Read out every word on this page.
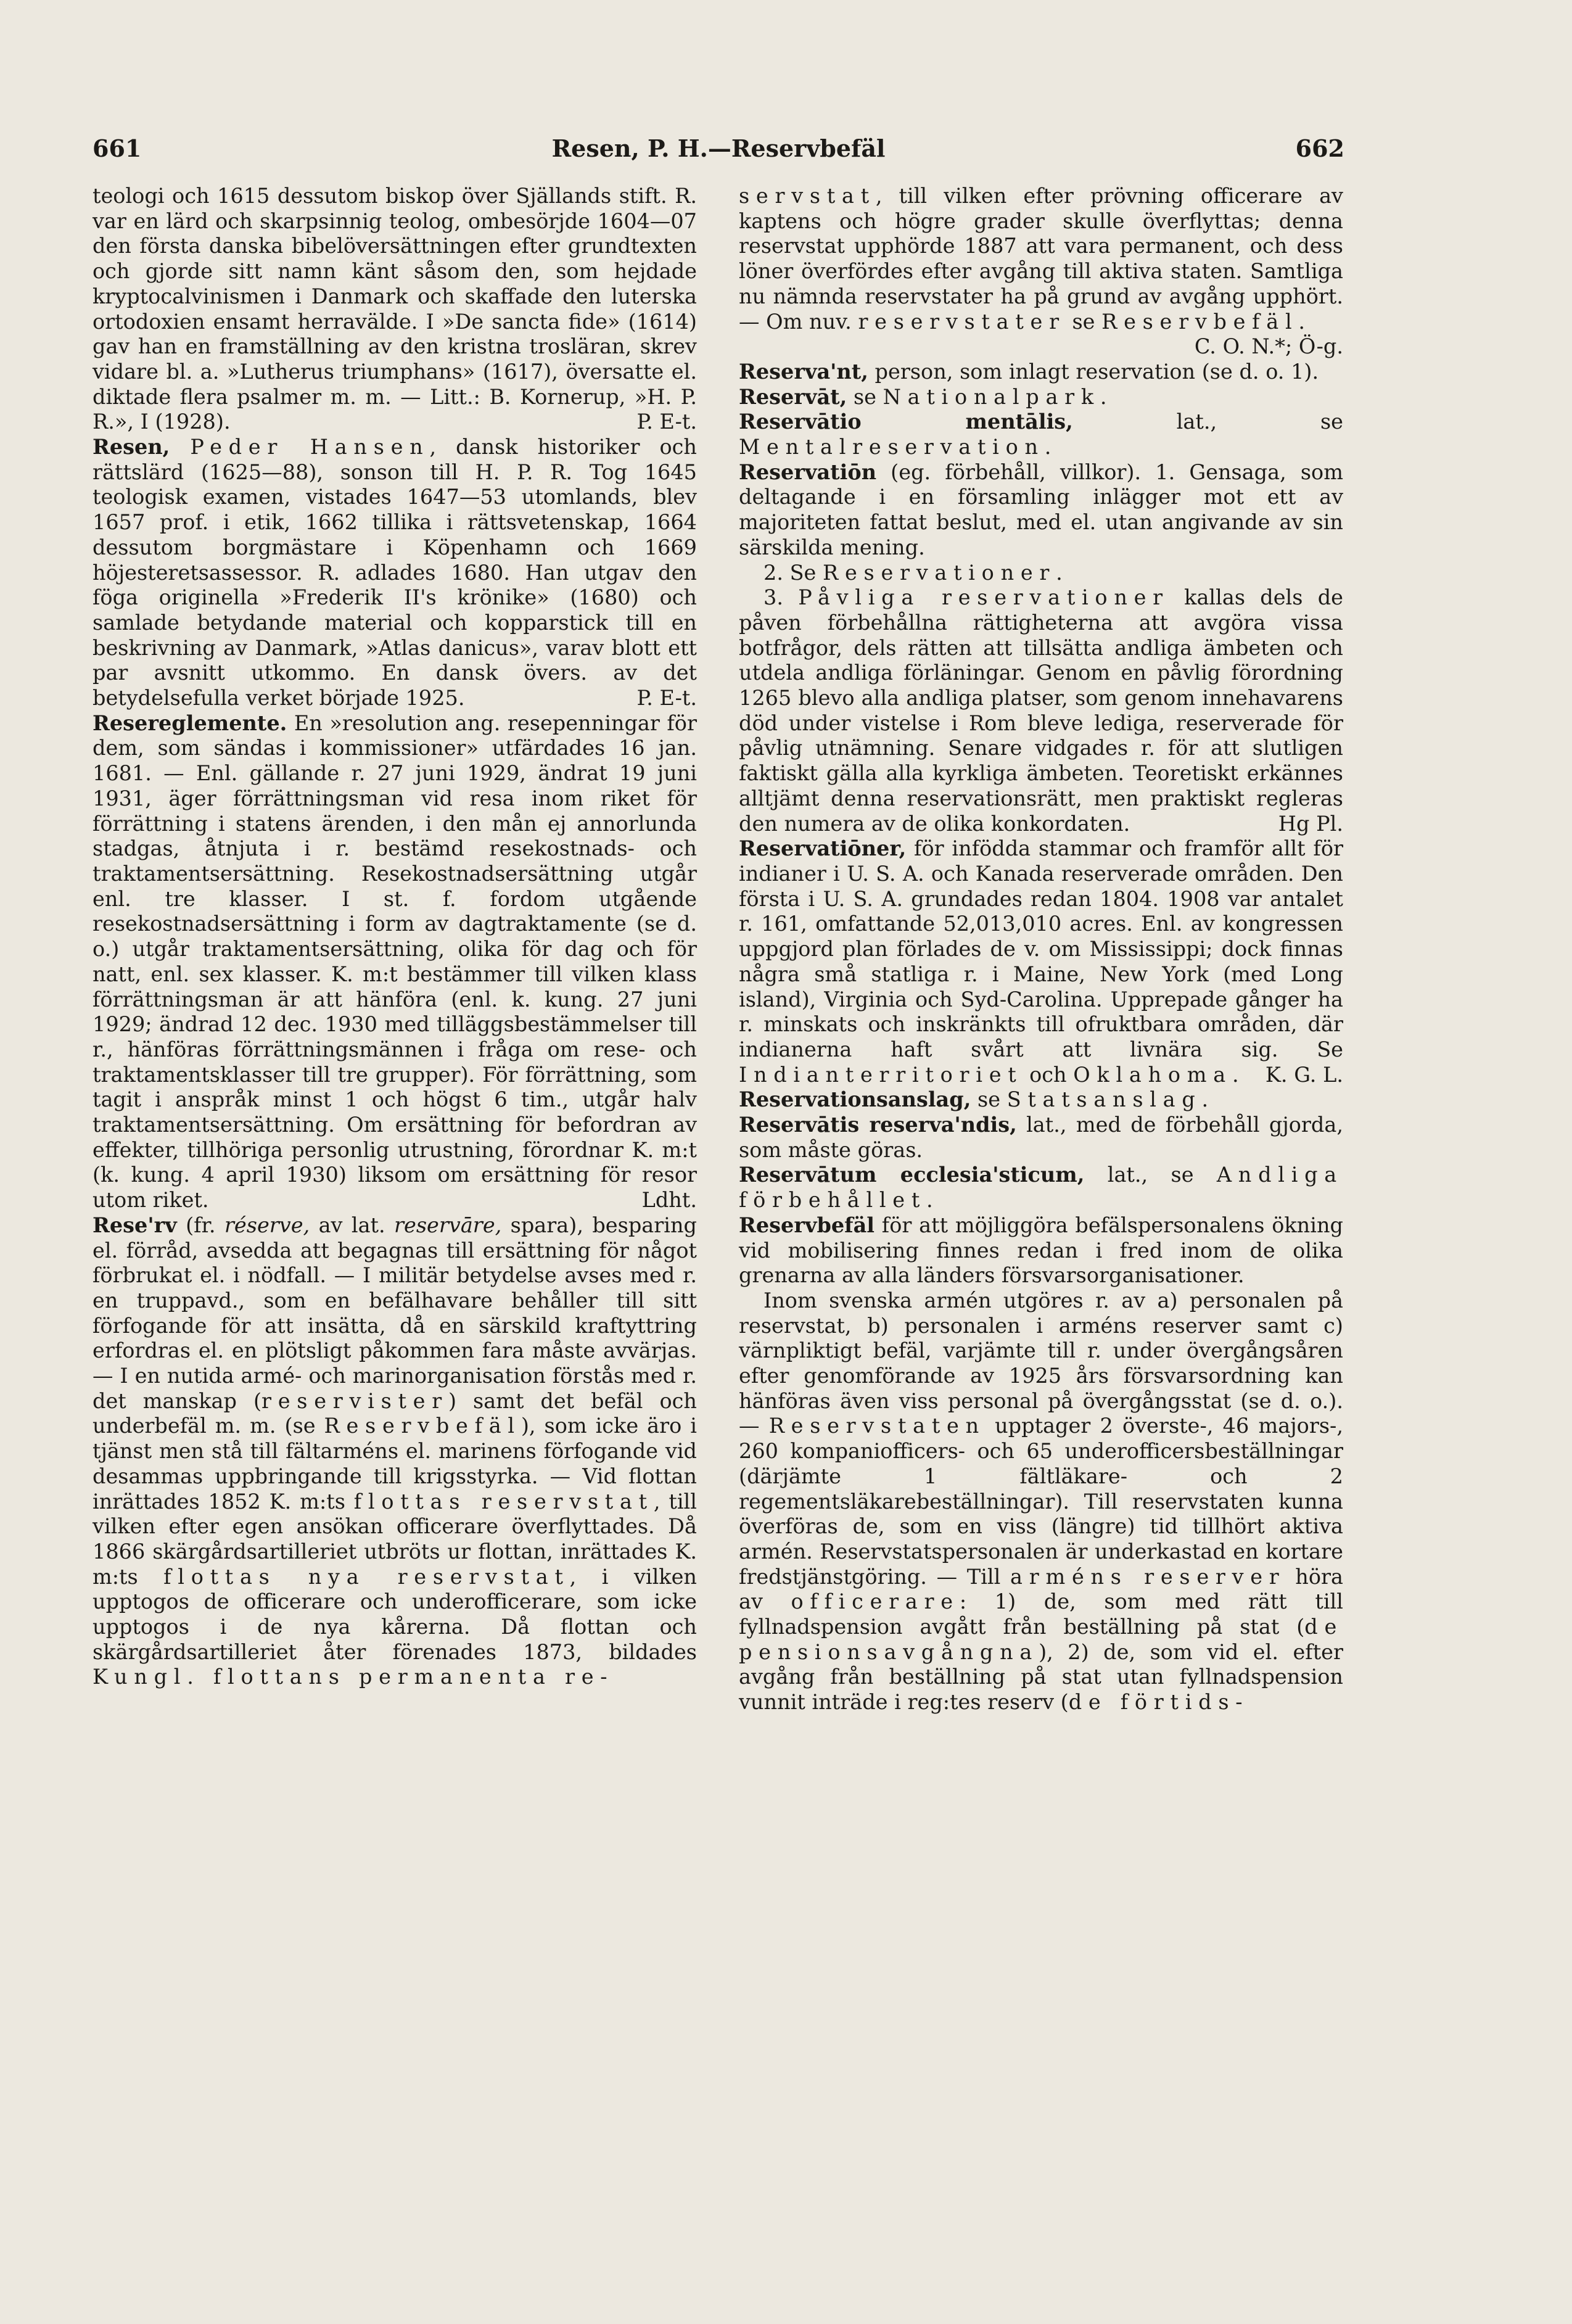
661	Resen, P. H.—Reservbefäl	662

teologi och 1615 dessutom biskop över Själlands stift. R. var en lärd och skarpsinnig teolog, ombesörjde 1604—07 den första danska bibelöversättningen efter grundtexten och gjorde sitt namn känt såsom den, som hejdade kryptocalvinismen i Danmark och skaffade den luterska ortodoxien ensamt herravälde. I »De sancta fide» (1614) gav han en framställning av den kristna trosläran, skrev vidare bl. a. »Lutherus triumphans» (1617), översatte el. diktade flera psalmer m. m. — Litt.: B. Kornerup, »H. P. R.», I (1928).	P. E-t.

Resen, Peder Hansen, dansk historiker och rättslärd (1625—88), sonson till H. P. R. Tog 1645 teologisk examen, vistades 1647—53 utomlands, blev 1657 prof. i etik, 1662 tillika i rättsvetenskap, 1664 dessutom borgmästare i Köpenhamn och 1669 höjesteretsassessor. R. adlades 1680. Han utgav den föga originella »Frederik II's krönike» (1680) och samlade betydande material och kopparstick till en beskrivning av Danmark, »Atlas danicus», varav blott ett par avsnitt utkommo. En dansk övers. av det betydelsefulla verket började 1925.	P. E-t.

Resereglemente. En »resolution ang. resepenningar för dem, som sändas i kommissioner» utfärdades 16 jan. 1681. — Enl. gällande r. 27 juni 1929, ändrat 19 juni 1931, äger förrättningsman vid resa inom riket för förrättning i statens ärenden, i den mån ej annorlunda stadgas, åtnjuta i r. bestämd resekostnads- och traktamentsersättning. Resekostnadsersättning utgår enl. tre klasser. I st. f. fordom utgående resekostnadsersättning i form av dagtraktamente (se d. o.) utgår traktamentsersättning, olika för dag och för natt, enl. sex klasser. K. m:t bestämmer till vilken klass förrättningsman är att hänföra (enl. k. kung. 27 juni 1929; ändrad 12 dec. 1930 med tilläggsbestämmelser till r., hänföras förrättningsmännen i fråga om rese- och traktamentsklasser till tre grupper). För förrättning, som tagit i anspråk minst 1 och högst 6 tim., utgår halv traktamentsersättning. Om ersättning för befordran av effekter, tillhöriga personlig utrustning, förordnar K. m:t (k. kung. 4 april 1930) liksom om ersättning för resor utom riket.	Ldht.

Rese'rv (fr. réserve, av lat. reservāre, spara), besparing el. förråd, avsedda att begagnas till ersättning för något förbrukat el. i nödfall. — I militär betydelse avses med r. en truppavd., som en befälhavare behåller till sitt förfogande för att insätta, då en särskild kraftyttring erfordras el. en plötsligt påkommen fara måste avvärjas. — I en nutida armé- och marinorganisation förstås med r. det manskap (reservister) samt det befäl och underbefäl m. m. (se Reservbefäl), som icke äro i tjänst men stå till fältarméns el. marinens förfogande vid desammas uppbringande till krigsstyrka. — Vid flottan inrättades 1852 K. m:ts flottas reservstat, till vilken efter egen ansökan officerare överflyttades. Då 1866 skärgårdsartilleriet utbröts ur flottan, inrättades K. m:ts flottas nya reservstat, i vilken upptogos de officerare och underofficerare, som icke upptogos i de nya kårerna. Då flottan och skärgårdsartilleriet åter förenades 1873, bildades Kungl. flottans permanenta re-

servstat, till vilken efter prövning officerare av kaptens och högre grader skulle överflyttas; denna reservstat upphörde 1887 att vara permanent, och dess löner överfördes efter avgång till aktiva staten. Samtliga nu nämnda reservstater ha på grund av avgång upphört. — Om nuv. reservstater se Reservbefäl.
C. O. N.*; Ö-g.

Reserva'nt, person, som inlagt reservation (se d. o. 1).

Reservāt, se Nationalpark.

Reservātio mentālis, lat., se Mentalreservation.

Reservatiōn (eg. förbehåll, villkor). 1. Gensaga, som deltagande i en församling inlägger mot ett av majoriteten fattat beslut, med el. utan angivande av sin särskilda mening.

2. Se Reservationer.

3. Påvliga reservationer kallas dels de påven förbehållna rättigheterna att avgöra vissa botfrågor, dels rätten att tillsätta andliga ämbeten och utdela andliga förläningar. Genom en påvlig förordning 1265 blevo alla andliga platser, som genom innehavarens död under vistelse i Rom bleve lediga, reserverade för påvlig utnämning. Senare vidgades r. för att slutligen faktiskt gälla alla kyrkliga ämbeten. Teoretiskt erkännes alltjämt denna reservationsrätt, men praktiskt regleras den numera av de olika konkordaten.	Hg Pl.

Reservatiōner, för infödda stammar och framför allt för indianer i U. S. A. och Kanada reserverade områden. Den första i U. S. A. grundades redan 1804. 1908 var antalet r. 161, omfattande 52,013,010 acres. Enl. av kongressen uppgjord plan förlades de v. om Mississippi; dock finnas några små statliga r. i Maine, New York (med Long island), Virginia och Syd-Carolina. Upprepade gånger ha r. minskats och inskränkts till ofruktbara områden, där indianerna haft svårt att livnära sig. Se Indianterritoriet och Oklahoma. K. G. L.

Reservationsanslag, se Statsanslag.

Reservātis reserva'ndis, lat., med de förbehåll gjorda, som måste göras.

Reservātum ecclesia'sticum, lat., se Andliga förbehållet.

Reservbefäl för att möjliggöra befälspersonalens ökning vid mobilisering finnes redan i fred inom de olika grenarna av alla länders försvarsorganisationer.

Inom svenska armén utgöres r. av a) personalen på reservstat, b) personalen i arméns reserver samt c) värnpliktigt befäl, varjämte till r. under övergångsåren efter genomförande av 1925 års försvarsordning kan hänföras även viss personal på övergångsstat (se d. o.). — Reservstaten upptager 2 överste-, 46 majors-, 260 kompaniofficers- och 65 underofficersbeställningar (därjämte 1 fältläkare- och 2 regementsläkarebeställningar). Till reservstaten kunna överföras de, som en viss (längre) tid tillhört aktiva armén. Reservstatspersonalen är underkastad en kortare fredstjänstgöring. — Till arméns reserver höra av officerare: 1) de, som med rätt till fyllnadspension avgått från beställning på stat (de pensionsavgångna), 2) de, som vid el. efter avgång från beställning på stat utan fyllnadspension vunnit inträde i reg:tes reserv (de förtids-
